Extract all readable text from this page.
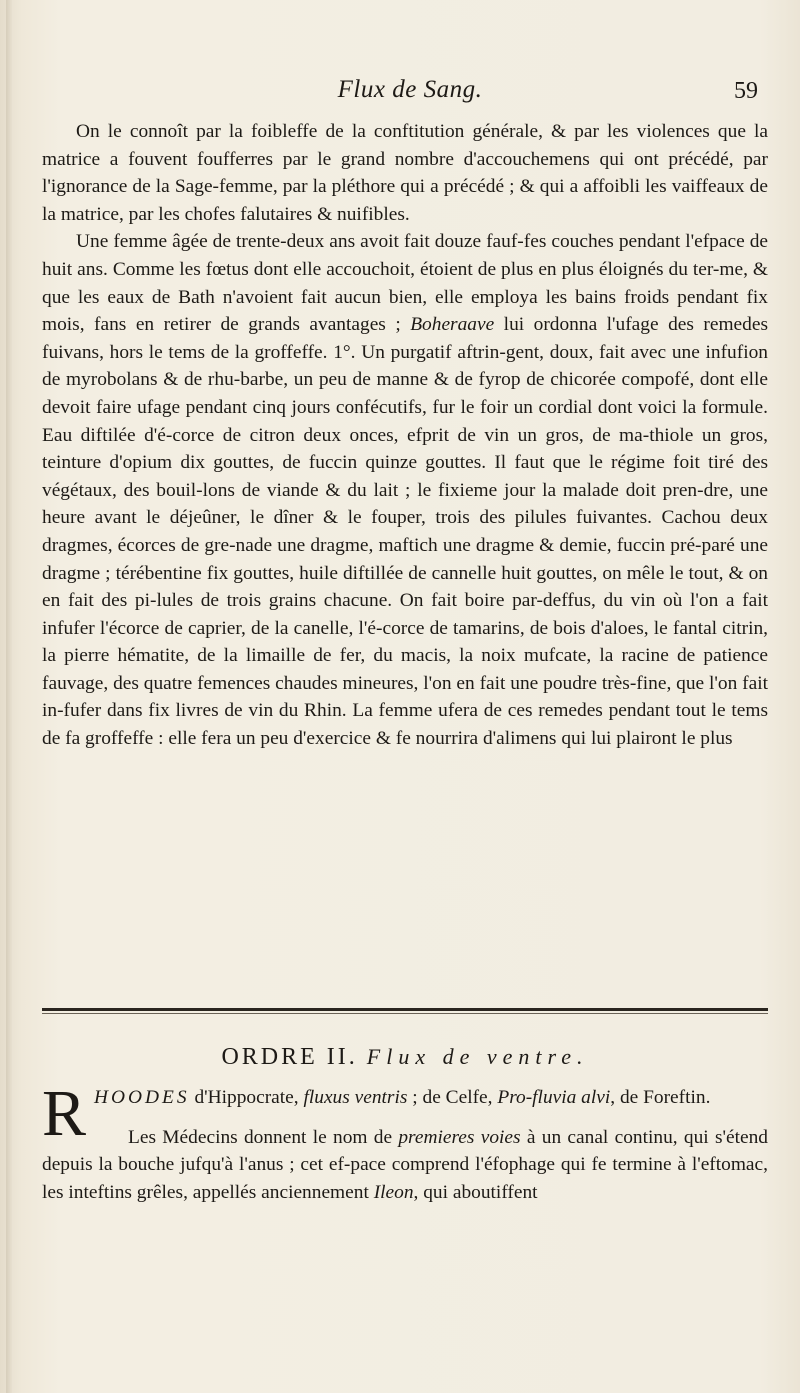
Flux de Sang.	59

On le connoît par la foibleffe de la conftitution générale, & par les violences que la matrice a fouvent foufferres par le grand nombre d'accouchemens qui ont précédé, par l'ignorance de la Sage-femme, par la pléthore qui a précédé ; & qui a affoibli les vaiffeaux de la matrice, par les chofes falutaires & nuifibles.

Une femme âgée de trente-deux ans avoit fait douze fauf-fes couches pendant l'efpace de huit ans. Comme les fœtus dont elle accouchoit, étoient de plus en plus éloignés du ter-me, & que les eaux de Bath n'avoient fait aucun bien, elle employa les bains froids pendant fix mois, fans en retirer de grands avantages ; Boheraave lui ordonna l'ufage des remedes fuivans, hors le tems de la groffeffe. 1°. Un purgatif aftrin-gent, doux, fait avec une infufion de myrobolans & de rhu-barbe, un peu de manne & de fyrop de chicorée compofé, dont elle devoit faire ufage pendant cinq jours confécutifs, fur le foir un cordial dont voici la formule. Eau diftilée d'é-corce de citron deux onces, efprit de vin un gros, de ma-thiole un gros, teinture d'opium dix gouttes, de fuccin quinze gouttes. Il faut que le régime foit tiré des végétaux, des bouil-lons de viande & du lait ; le fixieme jour la malade doit pren-dre, une heure avant le déjeûner, le dîner & le fouper, trois des pilules fuivantes. Cachou deux dragmes, écorces de gre-nade une dragme, maftich une dragme & demie, fuccin pré-paré une dragme ; térébentine fix gouttes, huile diftillée de cannelle huit gouttes, on mêle le tout, & on en fait des pi-lules de trois grains chacune. On fait boire par-deffus, du vin où l'on a fait infufer l'écorce de caprier, de la canelle, l'é-corce de tamarins, de bois d'aloes, le fantal citrin, la pierre hématite, de la limaille de fer, du macis, la noix mufcate, la racine de patience fauvage, des quatre femences chaudes mineures, l'on en fait une poudre très-fine, que l'on fait in-fufer dans fix livres de vin du Rhin. La femme ufera de ces remedes pendant tout le tems de fa groffeffe : elle fera un peu d'exercice & fe nourrira d'alimens qui lui plairont le plus

ORDRE II. Flux de ventre.

RHOODES d'Hippocrate, fluxus ventris ; de Celfe, Pro-fluvia alvi, de Foreftin.

Les Médecins donnent le nom de premieres voies à un canal continu, qui s'étend depuis la bouche jufqu'à l'anus ; cet ef-pace comprend l'éfophage qui fe termine à l'eftomac, les inteftins grêles, appellés anciennement Ileon, qui aboutiffent
